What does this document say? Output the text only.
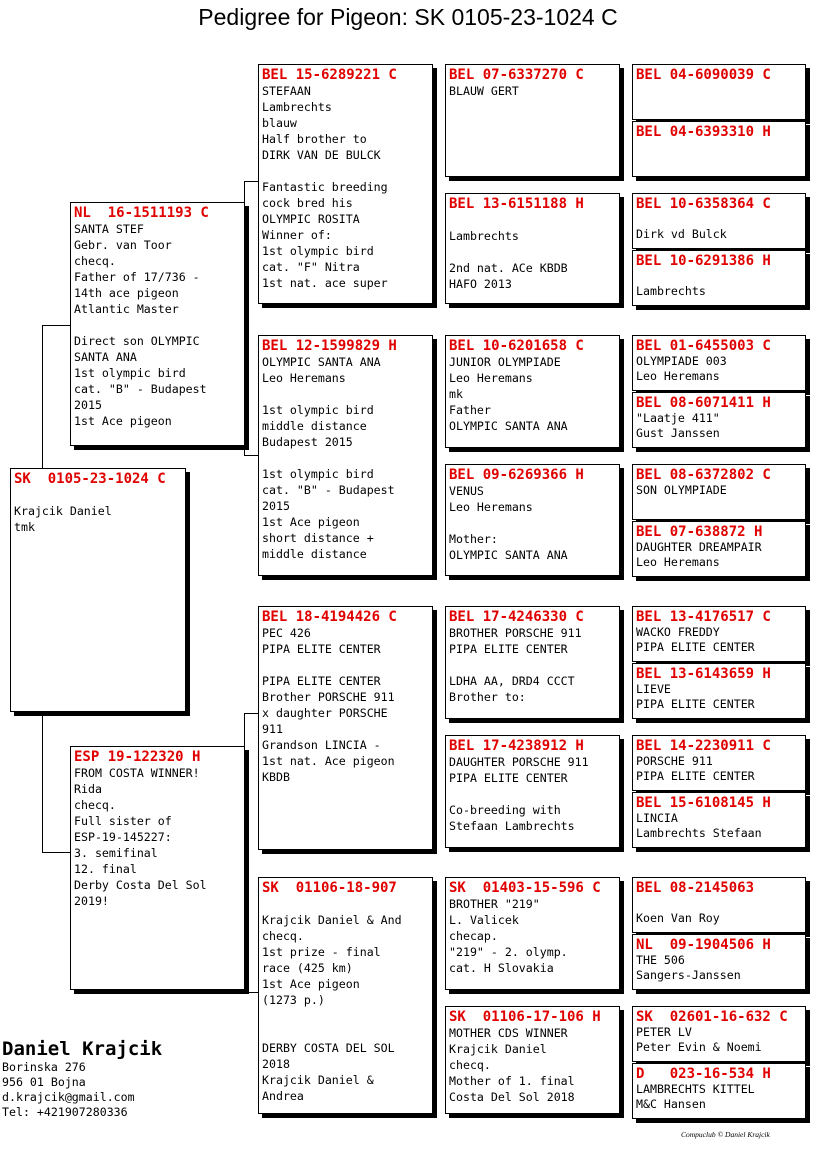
Pedigree for Pigeon: SK 0105-23-1024 C
SK  0105-23-1024 C

Krajcik Daniel
tmk
NL  16-1511193 C
SANTA STEF
Gebr. van Toor
checq.
Father of 17/736 -
14th ace pigeon
Atlantic Master

Direct son OLYMPIC
SANTA ANA
1st olympic bird
cat. "B" - Budapest
2015
1st Ace pigeon
ESP 19-122320 H
FROM COSTA WINNER!
Rida
checq.
Full sister of
ESP-19-145227:
3. semifinal
12. final
Derby Costa Del Sol
2019!
BEL 15-6289221 C
STEFAAN
Lambrechts
blauw
Half brother to
DIRK VAN DE BULCK

Fantastic breeding
cock bred his
OLYMPIC ROSITA
Winner of:
1st olympic bird
cat. "F" Nitra
1st nat. ace super
BEL 12-1599829 H
OLYMPIC SANTA ANA
Leo Heremans

1st olympic bird
middle distance
Budapest 2015

1st olympic bird
cat. "B" - Budapest
2015
1st Ace pigeon
short distance +
middle distance
BEL 18-4194426 C
PEC 426
PIPA ELITE CENTER

PIPA ELITE CENTER
Brother PORSCHE 911
x daughter PORSCHE
911
Grandson LINCIA -
1st nat. Ace pigeon
KBDB
SK  01106-18-907

Krajcik Daniel & And
checq.
1st prize - final
race (425 km)
1st Ace pigeon
(1273 p.)

DERBY COSTA DEL SOL
2018
Krajcik Daniel &
Andrea
BEL 07-6337270 C
BLAUW GERT
BEL 13-6151188 H

Lambrechts

2nd nat. ACe KBDB
HAFO 2013
BEL 10-6201658 C
JUNIOR OLYMPIADE
Leo Heremans
mk
Father
OLYMPIC SANTA ANA
BEL 09-6269366 H
VENUS
Leo Heremans

Mother:
OLYMPIC SANTA ANA
BEL 17-4246330 C
BROTHER PORSCHE 911
PIPA ELITE CENTER

LDHA AA, DRD4 CCCT
Brother to:
BEL 17-4238912 H
DAUGHTER PORSCHE 911
PIPA ELITE CENTER

Co-breeding with
Stefaan Lambrechts
SK  01403-15-596 C
BROTHER "219"
L. Valicek
checap.
"219" - 2. olymp.
cat. H Slovakia
SK  01106-17-106 H
MOTHER CDS WINNER
Krajcik Daniel
checq.
Mother of 1. final
Costa Del Sol 2018
BEL 04-6090039 C
BEL 04-6393310 H
BEL 10-6358364 C

Dirk vd Bulck
BEL 10-6291386 H

Lambrechts
BEL 01-6455003 C
OLYMPIADE 003
Leo Heremans
BEL 08-6071411 H
"Laatje 411"
Gust Janssen
BEL 08-6372802 C
SON OLYMPIADE
BEL 07-638872 H
DAUGHTER DREAMPAIR
Leo Heremans
BEL 13-4176517 C
WACKO FREDDY
PIPA ELITE CENTER
BEL 13-6143659 H
LIEVE
PIPA ELITE CENTER
BEL 14-2230911 C
PORSCHE 911
PIPA ELITE CENTER
BEL 15-6108145 H
LINCIA
Lambrechts Stefaan
BEL 08-2145063

Koen Van Roy
NL  09-1904506 H
THE 506
Sangers-Janssen
SK  02601-16-632 C
PETER LV
Peter Evin & Noemi
D   023-16-534 H
LAMBRECHTS KITTEL
M&C Hansen
Daniel Krajcik
Borinska 276
956 01 Bojna
d.krajcik@gmail.com
Tel: +421907280336
Compuclub © Daniel Krajcik
